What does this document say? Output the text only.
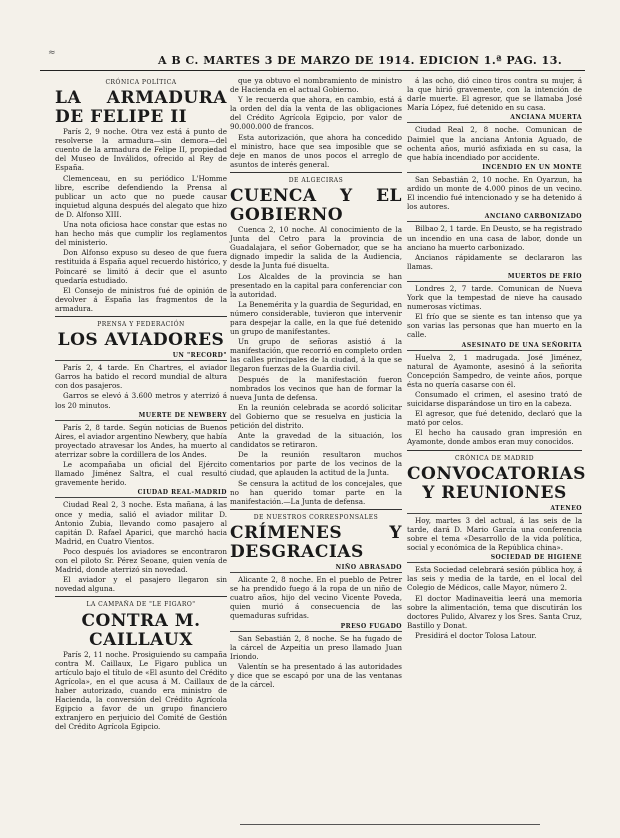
≈
A B C. MARTES 3 DE MARZO DE 1914. EDICION 1.ª PAG. 13.
CRÓNICA POLÍTICA
LA ARMADURA DE FELIPE II

París 2, 9 noche. Otra vez está á punto de resolverse la armadura—sin demora—del cuento de la armadura de Felipe II, propiedad del Museo de Inválidos, ofrecido al Rey de España.

Clemenceau, en su periódico L'Homme libre, escribe defendiendo la Prensa al publicar un acto que no puede causar inquietud alguna después del alegato que hizo de D. Alfonso XIII.

Una nota oficiosa hace constar que estas no han hecho más que cumplir los reglamentos del ministerio.

Don Alfonso expuso su deseo de que fuera restituida á España aquel recuerdo histórico, y Poincaré se limitó á decir que el asunto quedaría estudiado.

El Consejo de ministros fué de opinión de devolver á España las fragmentos de la armadura.

PRENSA Y FEDERACIÓN
LOS AVIADORES
UN "RECORD"

París 2, 4 tarde. En Chartres, el aviador Garros ha batido el record mundial de altura con dos pasajeros.

Garros se elevó á 3.600 metros y aterrizó á los 20 minutos.

MUERTE DE NEWBERY

París 2, 8 tarde. Según noticias de Buenos Aires, el aviador argentino Newbery, que había proyectado atravesar los Andes, ha muerto al aterrizar sobre la cordillera de los Andes.

Le acompañaba un oficial del Ejército llamado Jiménez Saltra, el cual resultó gravemente herido.

CIUDAD REAL-MADRID

Ciudad Real 2, 3 noche. Esta mañana, á las once y media, salió el aviador militar D. Antonio Zubia, llevando como pasajero al capitán D. Rafael Aparici, que marchó hacia Madrid, en Cuatro Vientos.

Poco después los aviadores se encontraron con el piloto Sr. Pérez Seoane, quien venía de Madrid, donde aterrizó sin novedad.

El aviador y el pasajero llegaron sin novedad alguna.

LA CAMPAÑA DE "LE FIGARO"
CONTRA M. CAILLAUX

París 2, 11 noche. Prosiguiendo su campaña contra M. Caillaux, Le Figaro publica un artículo bajo el título de «El asunto del Crédito Agrícola», en el que acusa á M. Caillaux de haber autorizado, cuando era ministro de Hacienda, la conversión del Crédito Agrícola Egipcio a favor de un grupo financiero extranjero en perjuicio del Comité de Gestión del Crédito Agrícola Egipcio.

que ya obtuvo el nombramiento de ministro de Hacienda en el actual Gobierno.

Y le recuerda que ahora, en cambio, está á la orden del día la venta de las obligaciones del Crédito Agrícola Egipcio, por valor de 90.000.000 de francos.

Esta autorización, que ahora ha concedido el ministro, hace que sea imposible que se deje en manos de unos pocos el arreglo de asuntos de interés general.

DE ALGECIRAS
CUENCA Y EL GOBIERNO

Cuenca 2, 10 noche. Al conocimiento de la Junta del Cetro para la provincia de Guadalajara, el señor Gobernador, que se ha dignado impedir la salida de la Audiencia, desde la Junta fué disuelta.

Los Alcaldes de la provincia se han presentado en la capital para conferenciar con la autoridad.

La Benemérita y la guardia de Seguridad, en número considerable, tuvieron que intervenir para despejar la calle, en la que fué detenido un grupo de manifestantes.

Un grupo de señoras asistió á la manifestación, que recorrió en completo orden las calles principales de la ciudad, á la que se llegaron fuerzas de la Guardia civil.

Después de la manifestación fueron nombrados los vecinos que han de formar la nueva Junta de defensa.

En la reunión celebrada se acordó solicitar del Gobierno que se resuelva en justicia la petición del distrito.

Ante la gravedad de la situación, los candidatos se retiraron.

De la reunión resultaron muchos comentarios por parte de los vecinos de la ciudad, que aplauden la actitud de la Junta.

Se censura la actitud de los concejales, que no han querido tomar parte en la manifestación.—La Junta de defensa.

DE NUESTROS CORRESPONSALES
CRÍMENES Y DESGRACIAS
NIÑO ABRASADO

Alicante 2, 8 noche. En el pueblo de Petrer se ha prendido fuego á la ropa de un niño de cuatro años, hijo del vecino Vicente Poveda, quien murió á consecuencia de las quemaduras sufridas.

PRESO FUGADO

San Sebastián 2, 8 noche. Se ha fugado de la cárcel de Azpeitia un preso llamado Juan Iriondo.

Valentín se ha presentado á las autoridades y dice que se escapó por una de las ventanas de la cárcel.

á las ocho, dió cinco tiros contra su mujer, á la que hirió gravemente, con la intención de darle muerte. El agresor, que se llamaba José María López, fué detenido en su casa.

ANCIANA MUERTA

Ciudad Real 2, 8 noche. Comunican de Daimiel que la anciana Antonia Aguado, de ochenta años, murió asfixiada en su casa, la que había incendiado por accidente.

INCENDIO EN UN MONTE

San Sebastián 2, 10 noche. En Oyarzun, ha ardido un monte de 4.000 pinos de un vecino. El incendio fué intencionado y se ha detenido á los autores.

ANCIANO CARBONIZADO

Bilbao 2, 1 tarde. En Deusto, se ha registrado un incendio en una casa de labor, donde un anciano ha muerto carbonizado.

Ancianos rápidamente se declararon las llamas.

MUERTOS DE FRÍO

Londres 2, 7 tarde. Comunican de Nueva York que la tempestad de nieve ha causado numerosas víctimas.

El frío que se siente es tan intenso que ya son varias las personas que han muerto en la calle.

ASESINATO DE UNA SEÑORITA

Huelva 2, 1 madrugada. José Jiménez, natural de Ayamonte, asesinó á la señorita Concepción Sampedro, de veinte años, porque ésta no quería casarse con él.

Consumado el crimen, el asesino trató de suicidarse disparándose un tiro en la cabeza.

El agresor, que fué detenido, declaró que la mató por celos.

El hecho ha causado gran impresión en Ayamonte, donde ambos eran muy conocidos.

CRÓNICA DE MADRID
CONVOCATORIAS Y REUNIONES
ATENEO

Hoy, martes 3 del actual, á las seis de la tarde, dará D. Mario García una conferencia sobre el tema «Desarrollo de la vida política, social y económica de la República china».

SOCIEDAD DE HIGIENE

Esta Sociedad celebrará sesión pública hoy, á las seis y media de la tarde, en el local del Colegio de Médicos, calle Mayor, número 2.

El doctor Madinaveitia leerá una memoria sobre la alimentación, tema que discutirán los doctores Pulido, Alvarez y los Sres. Santa Cruz, Bastillo y Donat.

Presidirá el doctor Tolosa Latour.
